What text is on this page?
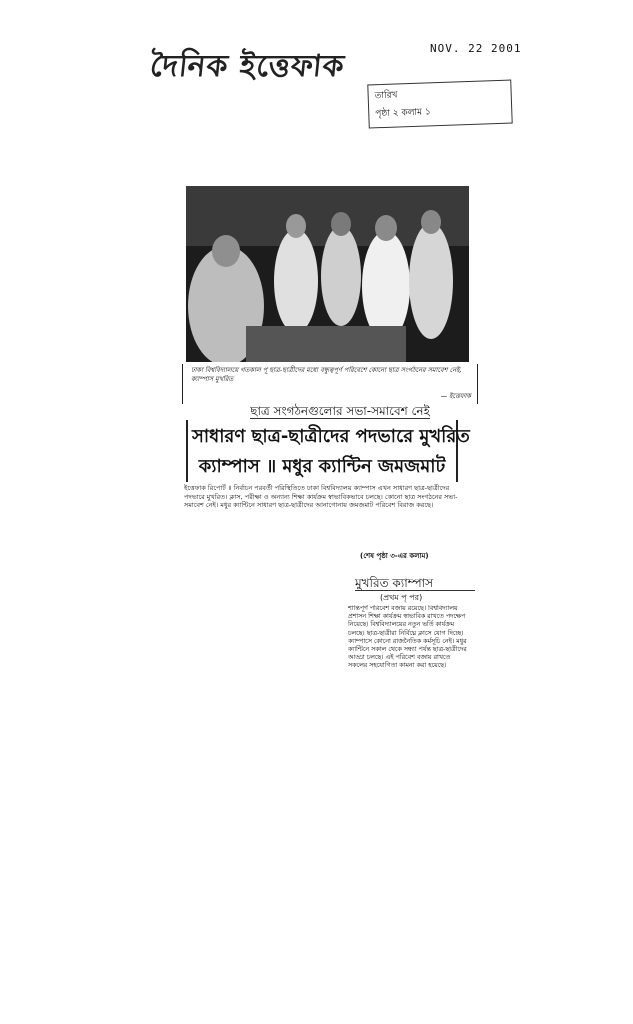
দৈনিক ইত্তেফাক
NOV. 22 2001
তারিখ
পৃষ্ঠা ২ কলাম ১
ঢাকা বিশ্ববিদ্যালয়ে গতকাল পূ ছাত্র-ছাত্রীদের মধ্যে বন্ধুত্বপূর্ণ পরিবেশে কোনো ছাত্র সংগঠনের সমাবেশ নেই, ক্যাম্পাস মুখরিত
— ইত্তেফাক
ছাত্র সংগঠনগুলোর সভা-সমাবেশ নেই
সাধারণ ছাত্র-ছাত্রীদের পদভারে মুখরিত
ক্যাম্পাস ॥ মধুর ক্যান্টিন জমজমাট
ইত্তেফাক রিপোর্ট ॥ নির্বাচন পরবর্তী পরিস্থিতিতে ঢাকা বিশ্ববিদ্যালয় ক্যাম্পাস এখন সাধারণ ছাত্র-ছাত্রীদের পদভারে মুখরিত। ক্লাস, পরীক্ষা ও অন্যান্য শিক্ষা কার্যক্রম স্বাভাবিকভাবে চলছে। কোনো ছাত্র সংগঠনের সভা-সমাবেশ নেই। মধুর ক্যান্টিনে সাধারণ ছাত্র-ছাত্রীদের আনাগোনায় জমজমাট পরিবেশ বিরাজ করছে।
(শেষ পৃষ্ঠা ৩-এর কলাম)
মুখরিত ক্যাম্পাস
(প্রথম পৃ পর)
শান্তিপূর্ণ পরিবেশ বজায় রয়েছে। বিশ্ববিদ্যালয় প্রশাসন শিক্ষা কার্যক্রম স্বাভাবিক রাখতে পদক্ষেপ নিয়েছে। বিশ্ববিদ্যালয়ের নতুন ভর্তি কার্যক্রম চলছে। ছাত্র-ছাত্রীরা নির্বিঘ্নে ক্লাসে যোগ দিচ্ছে। ক্যাম্পাসে কোনো রাজনৈতিক কর্মসূচি নেই। মধুর ক্যান্টিনে সকাল থেকে সন্ধ্যা পর্যন্ত ছাত্র-ছাত্রীদের আড্ডা চলছে। এই পরিবেশ বজায় রাখতে সকলের সহযোগিতা কামনা করা হয়েছে।
